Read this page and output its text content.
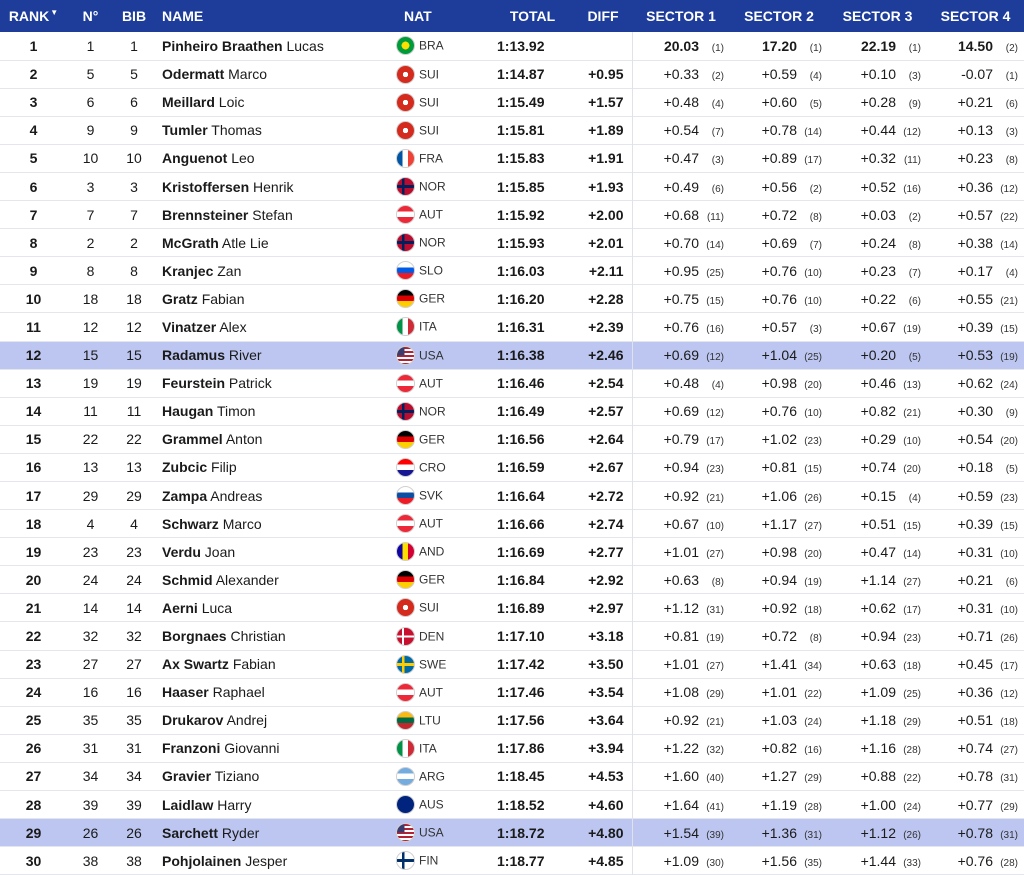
RANK▼	N°	BIB	NAME	NAT	TOTAL	DIFF	SECTOR 1	SECTOR 2	SECTOR 3	SECTOR 4
1	1	1	Pinheiro Braathen Lucas	BRA	1:13.92		20.03 (1)	17.20 (1)	22.19 (1)	14.50 (2)
2	5	5	Odermatt Marco	SUI	1:14.87	+0.95	+0.33 (2)	+0.59 (4)	+0.10 (3)	-0.07 (1)
3	6	6	Meillard Loic	SUI	1:15.49	+1.57	+0.48 (4)	+0.60 (5)	+0.28 (9)	+0.21 (6)
4	9	9	Tumler Thomas	SUI	1:15.81	+1.89	+0.54 (7)	+0.78 (14)	+0.44 (12)	+0.13 (3)
5	10	10	Anguenot Leo	FRA	1:15.83	+1.91	+0.47 (3)	+0.89 (17)	+0.32 (11)	+0.23 (8)
6	3	3	Kristoffersen Henrik	NOR	1:15.85	+1.93	+0.49 (6)	+0.56 (2)	+0.52 (16)	+0.36 (12)
7	7	7	Brennsteiner Stefan	AUT	1:15.92	+2.00	+0.68 (11)	+0.72 (8)	+0.03 (2)	+0.57 (22)
8	2	2	McGrath Atle Lie	NOR	1:15.93	+2.01	+0.70 (14)	+0.69 (7)	+0.24 (8)	+0.38 (14)
9	8	8	Kranjec Zan	SLO	1:16.03	+2.11	+0.95 (25)	+0.76 (10)	+0.23 (7)	+0.17 (4)
10	18	18	Gratz Fabian	GER	1:16.20	+2.28	+0.75 (15)	+0.76 (10)	+0.22 (6)	+0.55 (21)
11	12	12	Vinatzer Alex	ITA	1:16.31	+2.39	+0.76 (16)	+0.57 (3)	+0.67 (19)	+0.39 (15)
12	15	15	Radamus River	USA	1:16.38	+2.46	+0.69 (12)	+1.04 (25)	+0.20 (5)	+0.53 (19)
13	19	19	Feurstein Patrick	AUT	1:16.46	+2.54	+0.48 (4)	+0.98 (20)	+0.46 (13)	+0.62 (24)
14	11	11	Haugan Timon	NOR	1:16.49	+2.57	+0.69 (12)	+0.76 (10)	+0.82 (21)	+0.30 (9)
15	22	22	Grammel Anton	GER	1:16.56	+2.64	+0.79 (17)	+1.02 (23)	+0.29 (10)	+0.54 (20)
16	13	13	Zubcic Filip	CRO	1:16.59	+2.67	+0.94 (23)	+0.81 (15)	+0.74 (20)	+0.18 (5)
17	29	29	Zampa Andreas	SVK	1:16.64	+2.72	+0.92 (21)	+1.06 (26)	+0.15 (4)	+0.59 (23)
18	4	4	Schwarz Marco	AUT	1:16.66	+2.74	+0.67 (10)	+1.17 (27)	+0.51 (15)	+0.39 (15)
19	23	23	Verdu Joan	AND	1:16.69	+2.77	+1.01 (27)	+0.98 (20)	+0.47 (14)	+0.31 (10)
20	24	24	Schmid Alexander	GER	1:16.84	+2.92	+0.63 (8)	+0.94 (19)	+1.14 (27)	+0.21 (6)
21	14	14	Aerni Luca	SUI	1:16.89	+2.97	+1.12 (31)	+0.92 (18)	+0.62 (17)	+0.31 (10)
22	32	32	Borgnaes Christian	DEN	1:17.10	+3.18	+0.81 (19)	+0.72 (8)	+0.94 (23)	+0.71 (26)
23	27	27	Ax Swartz Fabian	SWE	1:17.42	+3.50	+1.01 (27)	+1.41 (34)	+0.63 (18)	+0.45 (17)
24	16	16	Haaser Raphael	AUT	1:17.46	+3.54	+1.08 (29)	+1.01 (22)	+1.09 (25)	+0.36 (12)
25	35	35	Drukarov Andrej	LTU	1:17.56	+3.64	+0.92 (21)	+1.03 (24)	+1.18 (29)	+0.51 (18)
26	31	31	Franzoni Giovanni	ITA	1:17.86	+3.94	+1.22 (32)	+0.82 (16)	+1.16 (28)	+0.74 (27)
27	34	34	Gravier Tiziano	ARG	1:18.45	+4.53	+1.60 (40)	+1.27 (29)	+0.88 (22)	+0.78 (31)
28	39	39	Laidlaw Harry	AUS	1:18.52	+4.60	+1.64 (41)	+1.19 (28)	+1.00 (24)	+0.77 (29)
29	26	26	Sarchett Ryder	USA	1:18.72	+4.80	+1.54 (39)	+1.36 (31)	+1.12 (26)	+0.78 (31)
30	38	38	Pohjolainen Jesper	FIN	1:18.77	+4.85	+1.09 (30)	+1.56 (35)	+1.44 (33)	+0.76 (28)
